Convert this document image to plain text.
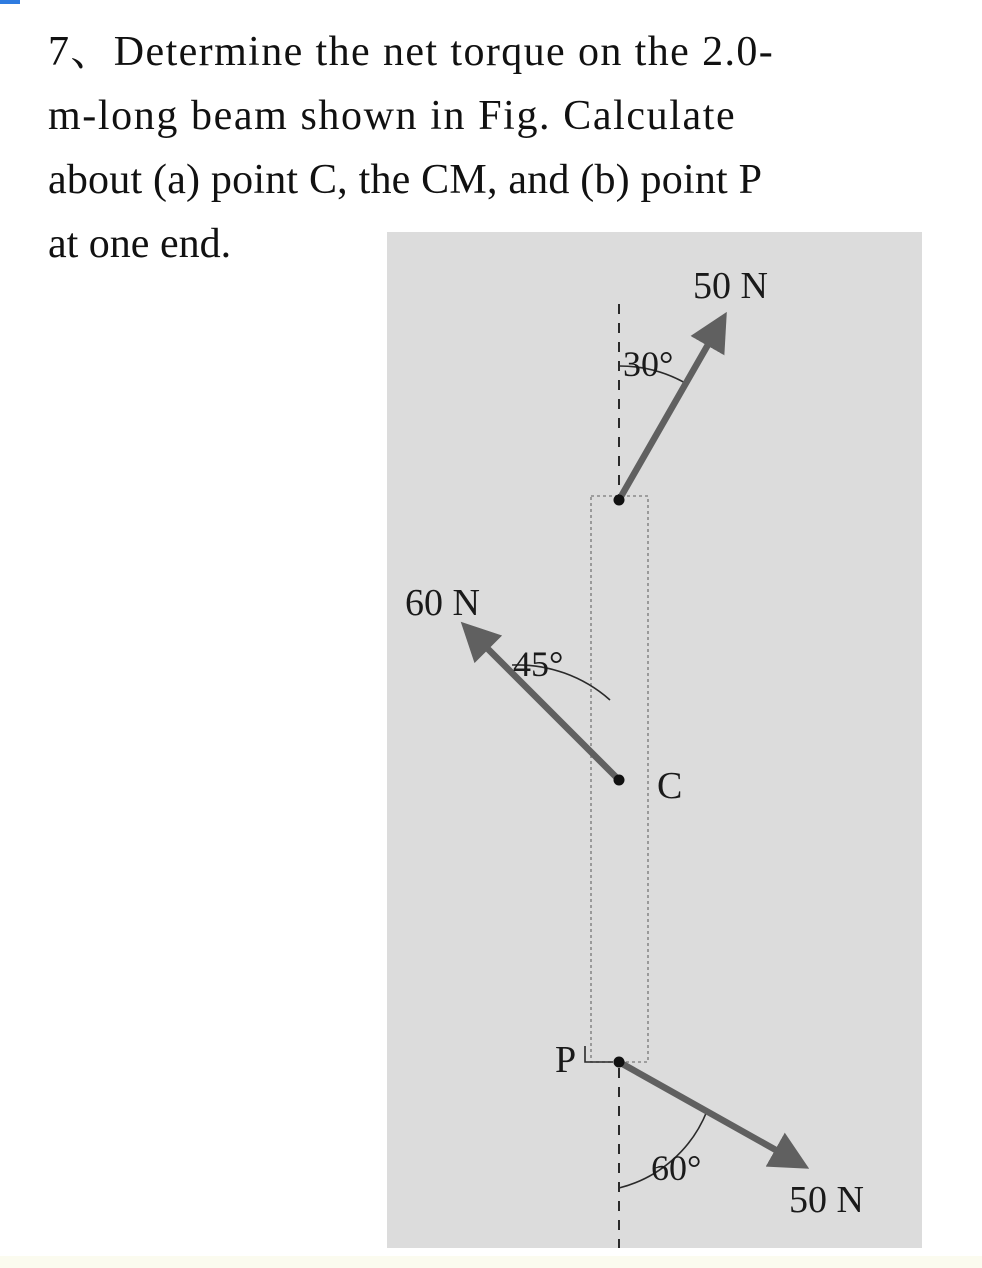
7、Determine the net torque on the 2.0-
m-long beam shown in Fig. Calculate
about (a) point C, the CM, and (b) point P
at one end.
50 N
30°
60 N
45°
C
P
60°
50 N
